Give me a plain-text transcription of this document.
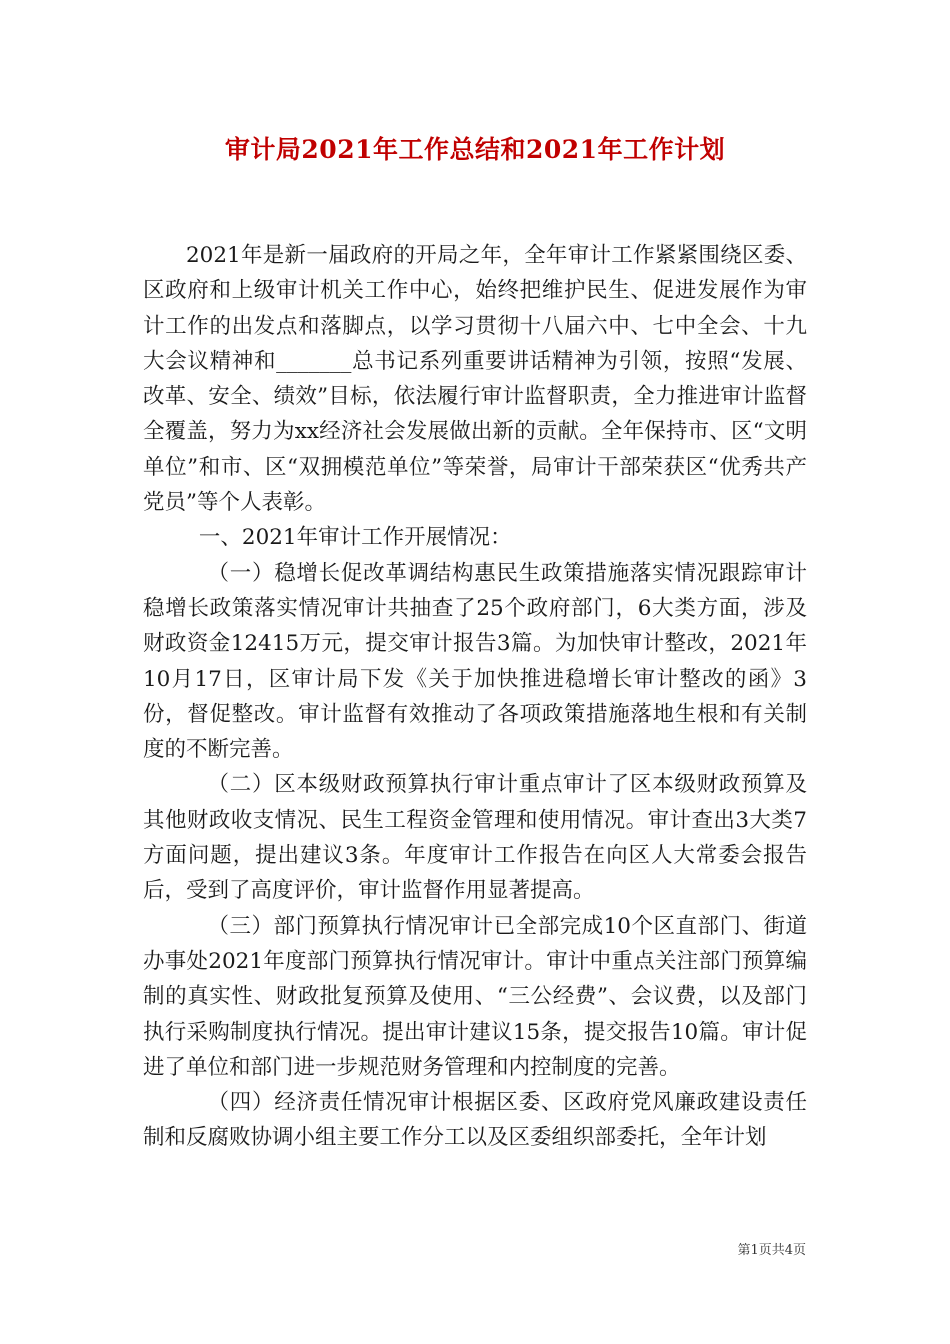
审计局2021年工作总结和2021年工作计划

2021年是新一届政府的开局之年，全年审计工作紧紧围绕区委、区政府和上级审计机关工作中心，始终把维护民生、促进发展作为审计工作的出发点和落脚点，以学习贯彻十八届六中、七中全会、十九大会议精神和_______总书记系列重要讲话精神为引领，按照“发展、改革、安全、绩效”目标，依法履行审计监督职责，全力推进审计监督全覆盖，努力为xx经济社会发展做出新的贡献。全年保持市、区“文明单位”和市、区“双拥模范单位”等荣誉，局审计干部荣获区“优秀共产党员”等个人表彰。

一、2021年审计工作开展情况：

（一）稳增长促改革调结构惠民生政策措施落实情况跟踪审计稳增长政策落实情况审计共抽查了25个政府部门，6大类方面，涉及财政资金12415万元，提交审计报告3篇。为加快审计整改，2021年10月17日，区审计局下发《关于加快推进稳增长审计整改的函》3份，督促整改。审计监督有效推动了各项政策措施落地生根和有关制度的不断完善。

（二）区本级财政预算执行审计重点审计了区本级财政预算及其他财政收支情况、民生工程资金管理和使用情况。审计查出3大类7方面问题，提出建议3条。年度审计工作报告在向区人大常委会报告后，受到了高度评价，审计监督作用显著提高。

（三）部门预算执行情况审计已全部完成10个区直部门、街道办事处2021年度部门预算执行情况审计。审计中重点关注部门预算编制的真实性、财政批复预算及使用、“三公经费”、会议费，以及部门执行采购制度执行情况。提出审计建议15条，提交报告10篇。审计促进了单位和部门进一步规范财务管理和内控制度的完善。

（四）经济责任情况审计根据区委、区政府党风廉政建设责任制和反腐败协调小组主要工作分工以及区委组织部委托，全年计划

第1页共4页
